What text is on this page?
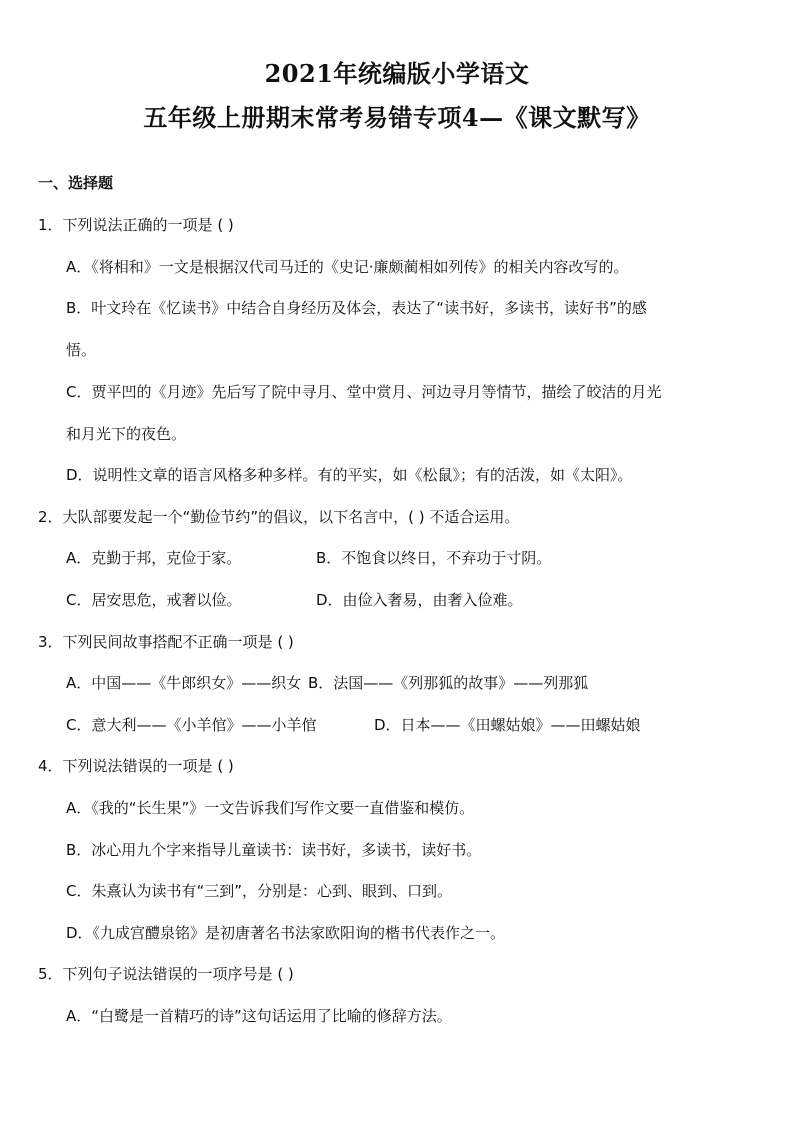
2021年统编版小学语文
五年级上册期末常考易错专项4—《课文默写》
一、选择题
1．下列说法正确的一项是 ( )
A．《将相和》一文是根据汉代司马迁的《史记·廉颇蔺相如列传》的相关内容改写的。
B．叶文玲在《忆读书》中结合自身经历及体会，表达了“读书好，多读书，读好书”的感
悟。
C．贾平凹的《月迹》先后写了院中寻月、堂中赏月、河边寻月等情节，描绘了皎洁的月光
和月光下的夜色。
D．说明性文章的语言风格多种多样。有的平实，如《松鼠》；有的活泼，如《太阳》。
2．大队部要发起一个“勤俭节约”的倡议，以下名言中，( ) 不适合运用。
A．克勤于邦，克俭于家。	B．不饱食以终日，不弃功于寸阴。
C．居安思危，戒奢以俭。	D．由俭入奢易，由奢入俭难。
3．下列民间故事搭配不正确一项是 ( )
A．中国——《牛郎织女》——织女 B．法国——《列那狐的故事》——列那狐
C．意大利——《小羊倌》——小羊倌	D．日本——《田螺姑娘》——田螺姑娘
4．下列说法错误的一项是 ( )
A．《我的“长生果”》一文告诉我们写作文要一直借鉴和模仿。
B．冰心用九个字来指导儿童读书：读书好，多读书，读好书。
C．朱熹认为读书有“三到”，分别是：心到、眼到、口到。
D．《九成宫醴泉铭》是初唐著名书法家欧阳询的楷书代表作之一。
5．下列句子说法错误的一项序号是 ( )
A．“白鹭是一首精巧的诗”这句话运用了比喻的修辞方法。
